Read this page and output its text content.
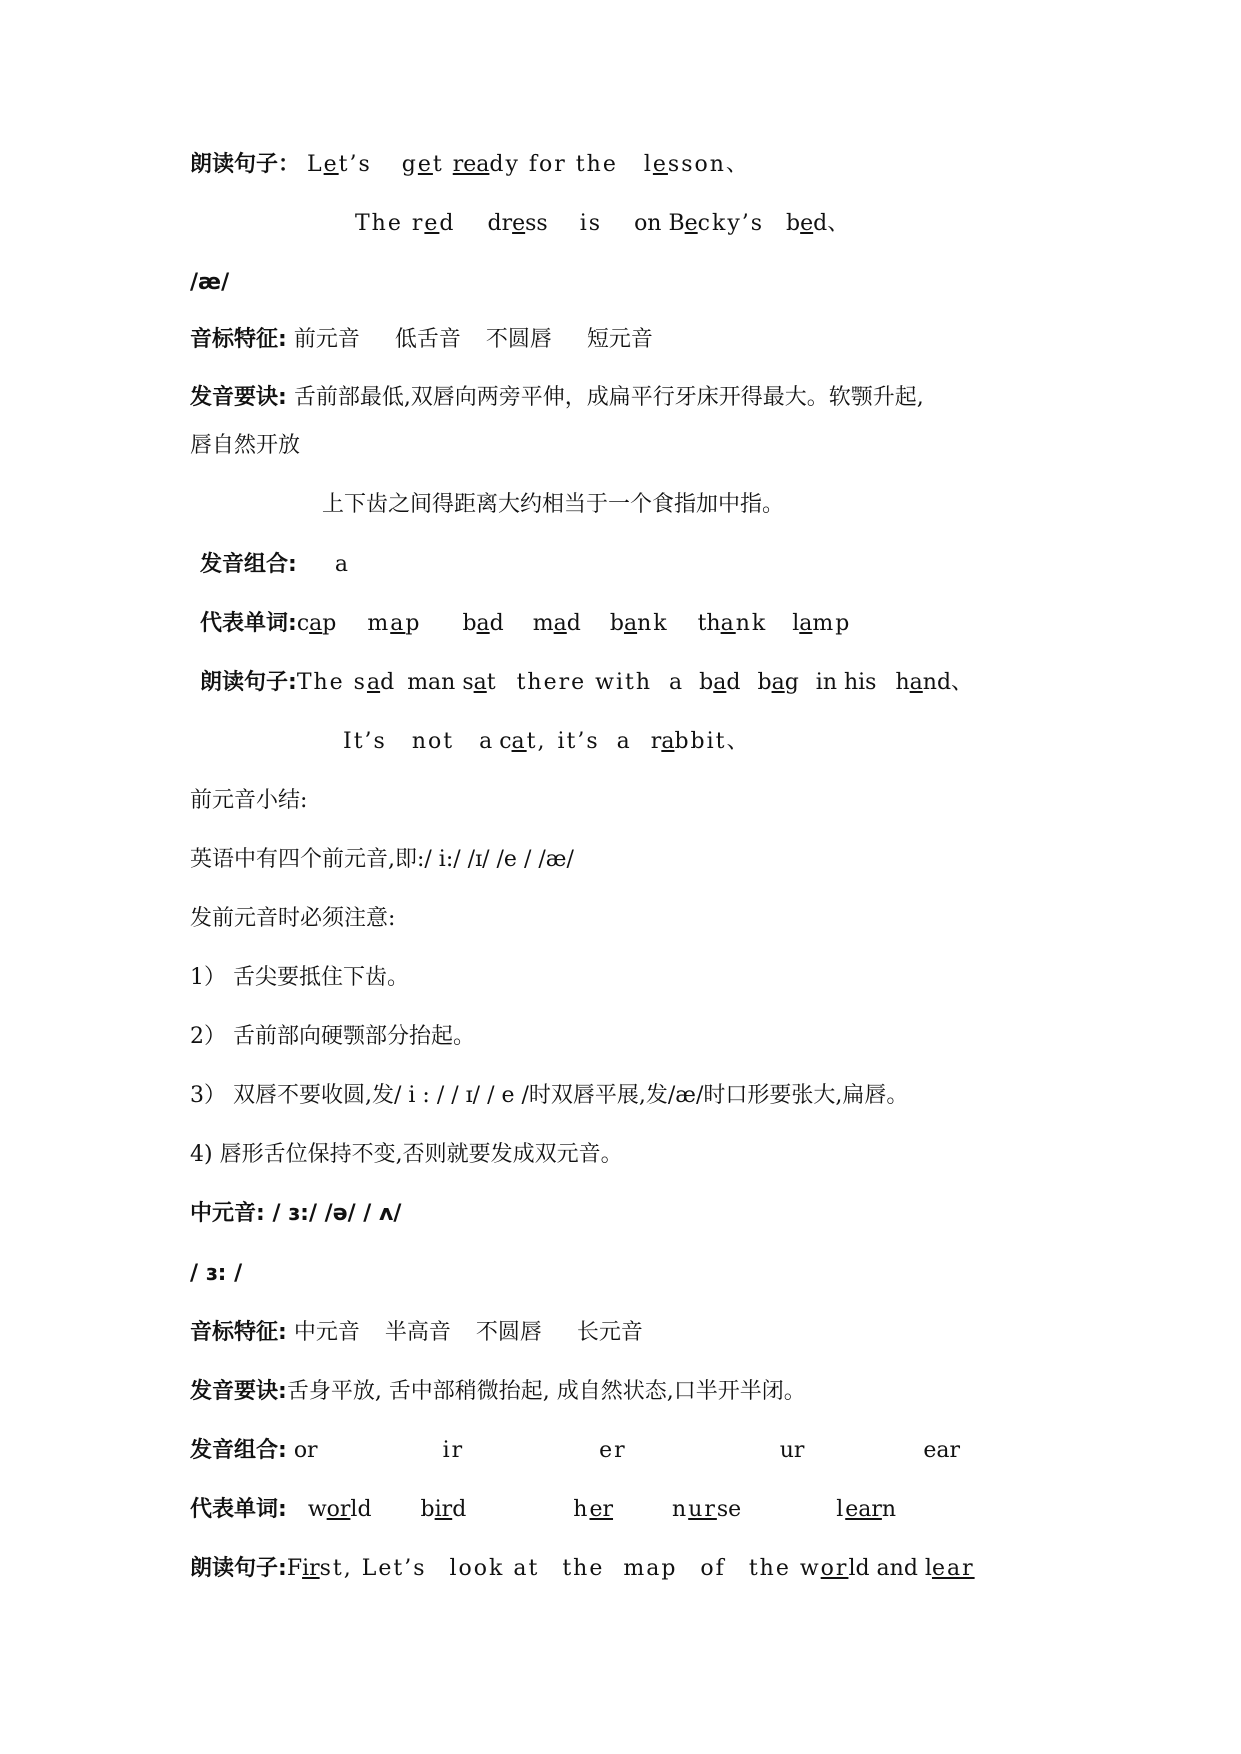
朗读句子： Let’s get ready for the lesson、
The red dress is on Becky’s bed、
/æ/
音标特征: 前元音 低舌音 不圆唇 短元音
发音要诀: 舌前部最低,双唇向两旁平伸，成扁平行牙床开得最大。软颚升起,
唇自然开放
上下齿之间得距离大约相当于一个食指加中指。
发音组合: a
代表单词:cap map bad mad bank thank lamp
朗读句子:The sad man sat there with a bad bag in his hand、
It’s not a cat, it’s a rabbit、
前元音小结:
英语中有四个前元音,即:/ i:/ /ɪ/ /e / /æ/
发前元音时必须注意:
1） 舌尖要抵住下齿。
2） 舌前部向硬颚部分抬起。
3） 双唇不要收圆,发/ i : / / ɪ/ / e /时双唇平展,发/æ/时口形要张大,扁唇。
4) 唇形舌位保持不变,否则就要发成双元音。
中元音: / ɜ:/ /ə/ / ʌ/
/ ɜ: /
音标特征: 中元音 半高音 不圆唇 长元音
发音要诀:舌身平放, 舌中部稍微抬起, 成自然状态,口半开半闭。
发音组合: or	ir	er	ur	ear
代表单词: world bird	her	nurse	learn
朗读句子:First, Let’s look at the map of the world and lear
